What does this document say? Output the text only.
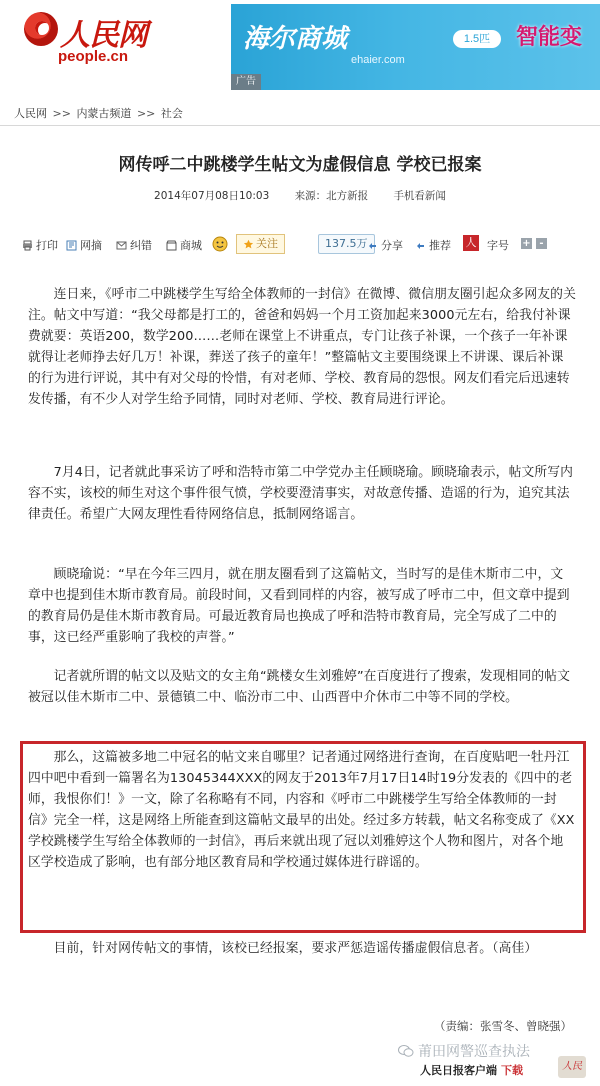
人民网
people.cn
海尔商城
ehaier.com
1.5匹	智能变
广告
人民网 >> 内蒙古频道 >> 社会
网传呼二中跳楼学生帖文为虚假信息 学校已报案
2014年07月08日10:03 来源：北方新报 手机看新闻
打印 网摘	纠错	商城	关注	137.5万	分享 推荐 人 字号 + -

连日来，《呼市二中跳楼学生写给全体教师的一封信》在微博、微信朋友圈引起众多网友的关注。帖文中写道：“我父母都是打工的，爸爸和妈妈一个月工资加起来3000元左右，给我付补课费就要：英语200，数学200……老师在课堂上不讲重点，专门让孩子补课，一个孩子一年补课就得让老师挣去好几万！补课，葬送了孩子的童年！”整篇帖文主要围绕课上不讲课、课后补课的行为进行评说，其中有对父母的怜惜，有对老师、学校、教育局的怨恨。网友们看完后迅速转发传播，有不少人对学生给予同情，同时对老师、学校、教育局进行评论。

7月4日，记者就此事采访了呼和浩特市第二中学党办主任顾晓瑜。顾晓瑜表示，帖文所写内容不实，该校的师生对这个事件很气愤，学校要澄清事实，对故意传播、造谣的行为，追究其法律责任。希望广大网友理性看待网络信息，抵制网络谣言。

顾晓瑜说：“早在今年三四月，就在朋友圈看到了这篇帖文，当时写的是佳木斯市二中，文章中也提到佳木斯市教育局。前段时间，又看到同样的内容，被写成了呼市二中，但文章中提到的教育局仍是佳木斯市教育局。可最近教育局也换成了呼和浩特市教育局，完全写成了二中的事，这已经严重影响了我校的声誉。”

记者就所谓的帖文以及贴文的女主角“跳楼女生刘雅婷”在百度进行了搜索，发现相同的帖文被冠以佳木斯市二中、景德镇二中、临汾市二中、山西晋中介休市二中等不同的学校。

那么，这篇被多地二中冠名的帖文来自哪里？记者通过网络进行查询，在百度贴吧一牡丹江四中吧中看到一篇署名为13045344XXX的网友于2013年7月17日14时19分发表的《四中的老师，我恨你们！》一文，除了名称略有不同，内容和《呼市二中跳楼学生写给全体教师的一封信》完全一样，这是网络上所能查到这篇帖文最早的出处。经过多方转载，帖文名称变成了《XX学校跳楼学生写给全体教师的一封信》，再后来就出现了冠以刘雅婷这个人物和图片，对各个地区学校造成了影响，也有部分地区教育局和学校通过媒体进行辟谣的。

目前，针对网传帖文的事情，该校已经报案，要求严惩造谣传播虚假信息者。（高佳）

（责编：张雪冬、曾晓强）
莆田网警巡查执法
人民日报客户端 下载	人民
